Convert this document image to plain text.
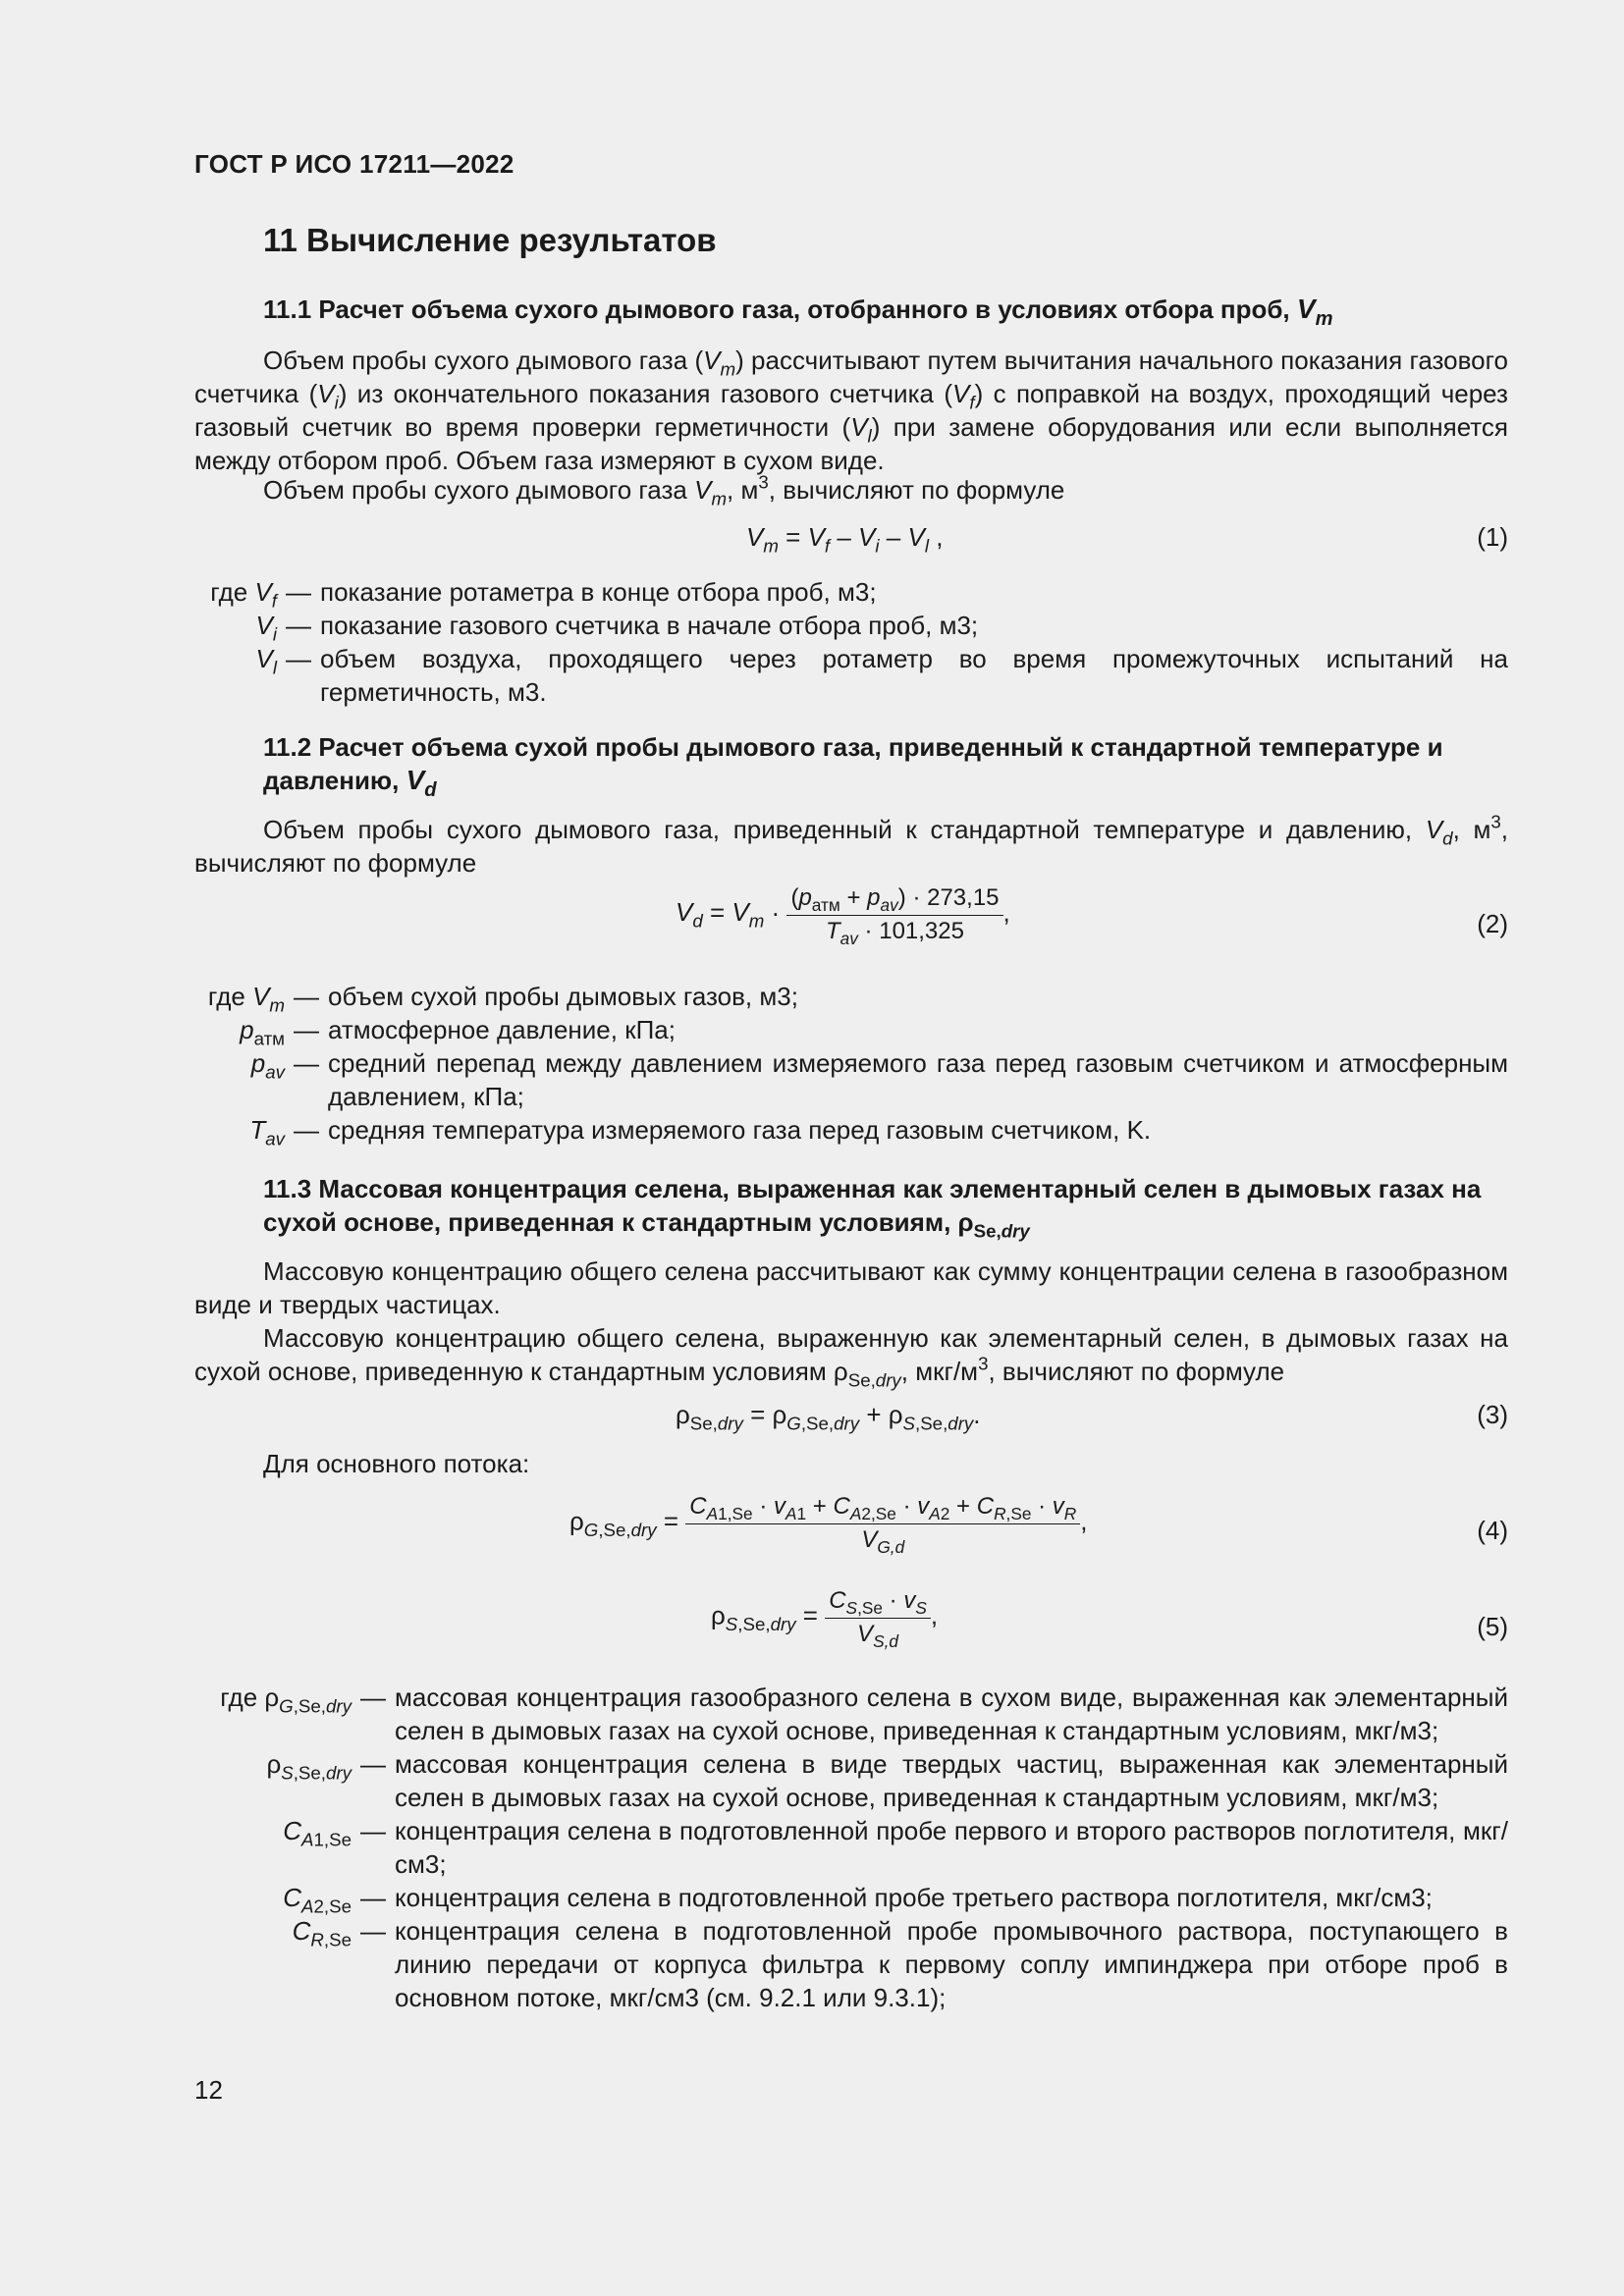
ГОСТ Р ИСО 17211—2022
11 Вычисление результатов
11.1 Расчет объема сухого дымового газа, отобранного в условиях отбора проб, $V_m$

Объем пробы сухого дымового газа $(V_m)$ рассчитывают путем вычитания начального показания газового счетчика $(V_i)$ из окончательного показания газового счетчика $(V_f)$ с поправкой на воздух, проходящий через газовый счетчик во время проверки герметичности $(V_l)$ при замене оборудования или если выполняется между отбором проб. Объем газа измеряют в сухом виде.

Объем пробы сухого дымового газа $V_m$, $м^3$, вычисляют по формуле

$V_m = V_f - V_i - V_l$ ,	(1)
где $V_f$ — показание ротаметра в конце отбора проб, м3;
$V_i$ — показание газового счетчика в начале отбора проб, м3;
$V_l$ — объем воздуха, проходящего через ротаметр во время промежуточных испытаний на герметичность, м3.
11.2 Расчет объема сухой пробы дымового газа, приведенный к стандартной температуре и давлению, $V_d$

Объем пробы сухого дымового газа, приведенный к стандартной температуре и давлению, $V_d$, $м^3$, вычисляют по формуле

$V_d = V_m \cdot \frac{(p_{атм} + p_{av}) \cdot 273,15}{T_{av} \cdot 101,325}$ ,	(2)
где $V_m$ — объем сухой пробы дымовых газов, м3;
$p_{атм}$ — атмосферное давление, кПа;
$p_{av}$ — средний перепад между давлением измеряемого газа перед газовым счетчиком и атмосферным давлением, кПа;
$T_{av}$ — средняя температура измеряемого газа перед газовым счетчиком, K.
11.3 Массовая концентрация селена, выраженная как элементарный селен в дымовых газах на сухой основе, приведенная к стандартным условиям, $\rho_{Se,dry}$

Массовую концентрацию общего селена рассчитывают как сумму концентрации селена в газообразном виде и твердых частицах.

Массовую концентрацию общего селена, выраженную как элементарный селен, в дымовых газах на сухой основе, приведенную к стандартным условиям $\rho_{Se,dry}$, мкг/$м^3$, вычисляют по формуле

$\rho_{Se,dry} = \rho_{G,Se,dry} + \rho_{S,Se,dry}$.	(3)

Для основного потока:

$\rho_{G,Se,dry} = \frac{C_{A1,Se} \cdot v_{A1} + C_{A2,Se} \cdot v_{A2} + C_{R,Se} \cdot v_R}{V_{G,d}}$ ,	(4)
$\rho_{S,Se,dry} = \frac{C_{S,Se} \cdot v_S}{V_{S,d}}$ ,	(5)
где $\rho_{G,Se,dry}$ — массовая концентрация газообразного селена в сухом виде, выраженная как элементарный селен в дымовых газах на сухой основе, приведенная к стандартным условиям, мкг/м3;
$\rho_{S,Se,dry}$ — массовая концентрация селена в виде твердых частиц, выраженная как элементарный селен в дымовых газах на сухой основе, приведенная к стандартным условиям, мкг/м3;
$C_{A1,Se}$ — концентрация селена в подготовленной пробе первого и второго растворов поглотителя, мкг/см3;
$C_{A2,Se}$ — концентрация селена в подготовленной пробе третьего раствора поглотителя, мкг/см3;
$C_{R,Se}$ — концентрация селена в подготовленной пробе промывочного раствора, поступающего в линию передачи от корпуса фильтра к первому соплу импинджера при отборе проб в основном потоке, мкг/см3 (см. 9.2.1 или 9.3.1);
12
